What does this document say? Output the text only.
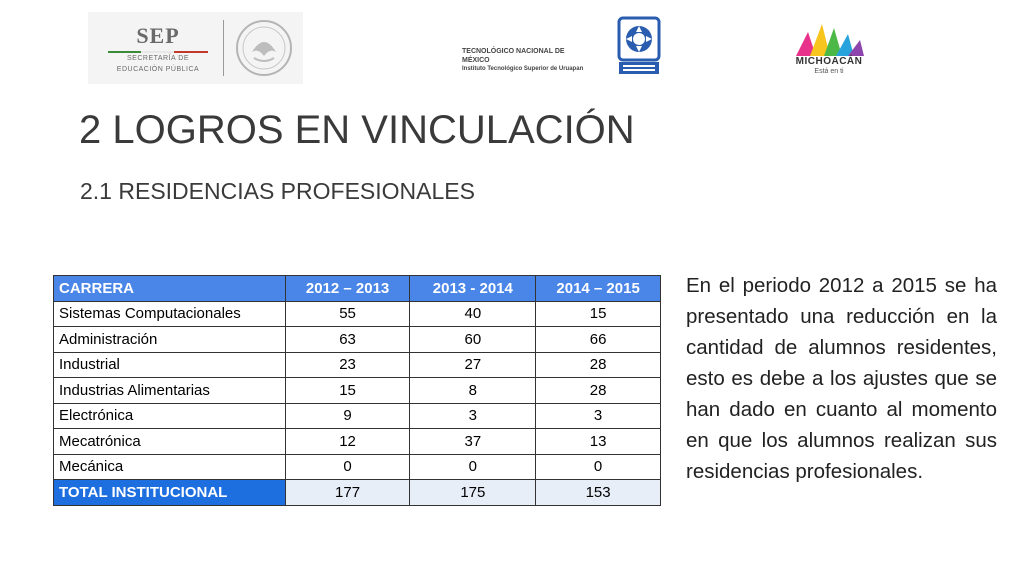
SEP
SECRETARÍA DE
EDUCACIÓN PÚBLICA
TECNOLÓGICO NACIONAL DE MÉXICO
Instituto Tecnológico Superior de Uruapan
MICHOACÁN
Está en ti
2 LOGROS EN VINCULACIÓN
2.1 RESIDENCIAS PROFESIONALES
CARRERA	2012 – 2013	2013 - 2014	2014 – 2015
Sistemas Computacionales	55	40	15
Administración	63	60	66
Industrial	23	27	28
Industrias Alimentarias	15	8	28
Electrónica	9	3	3
Mecatrónica	12	37	13
Mecánica	0	0	0
TOTAL INSTITUCIONAL	177	175	153

En el periodo 2012 a 2015 se ha presentado una reducción en la cantidad de alumnos residentes, esto es debe a los ajustes que se han dado en cuanto al momento en que los alumnos realizan sus residencias profesionales.
